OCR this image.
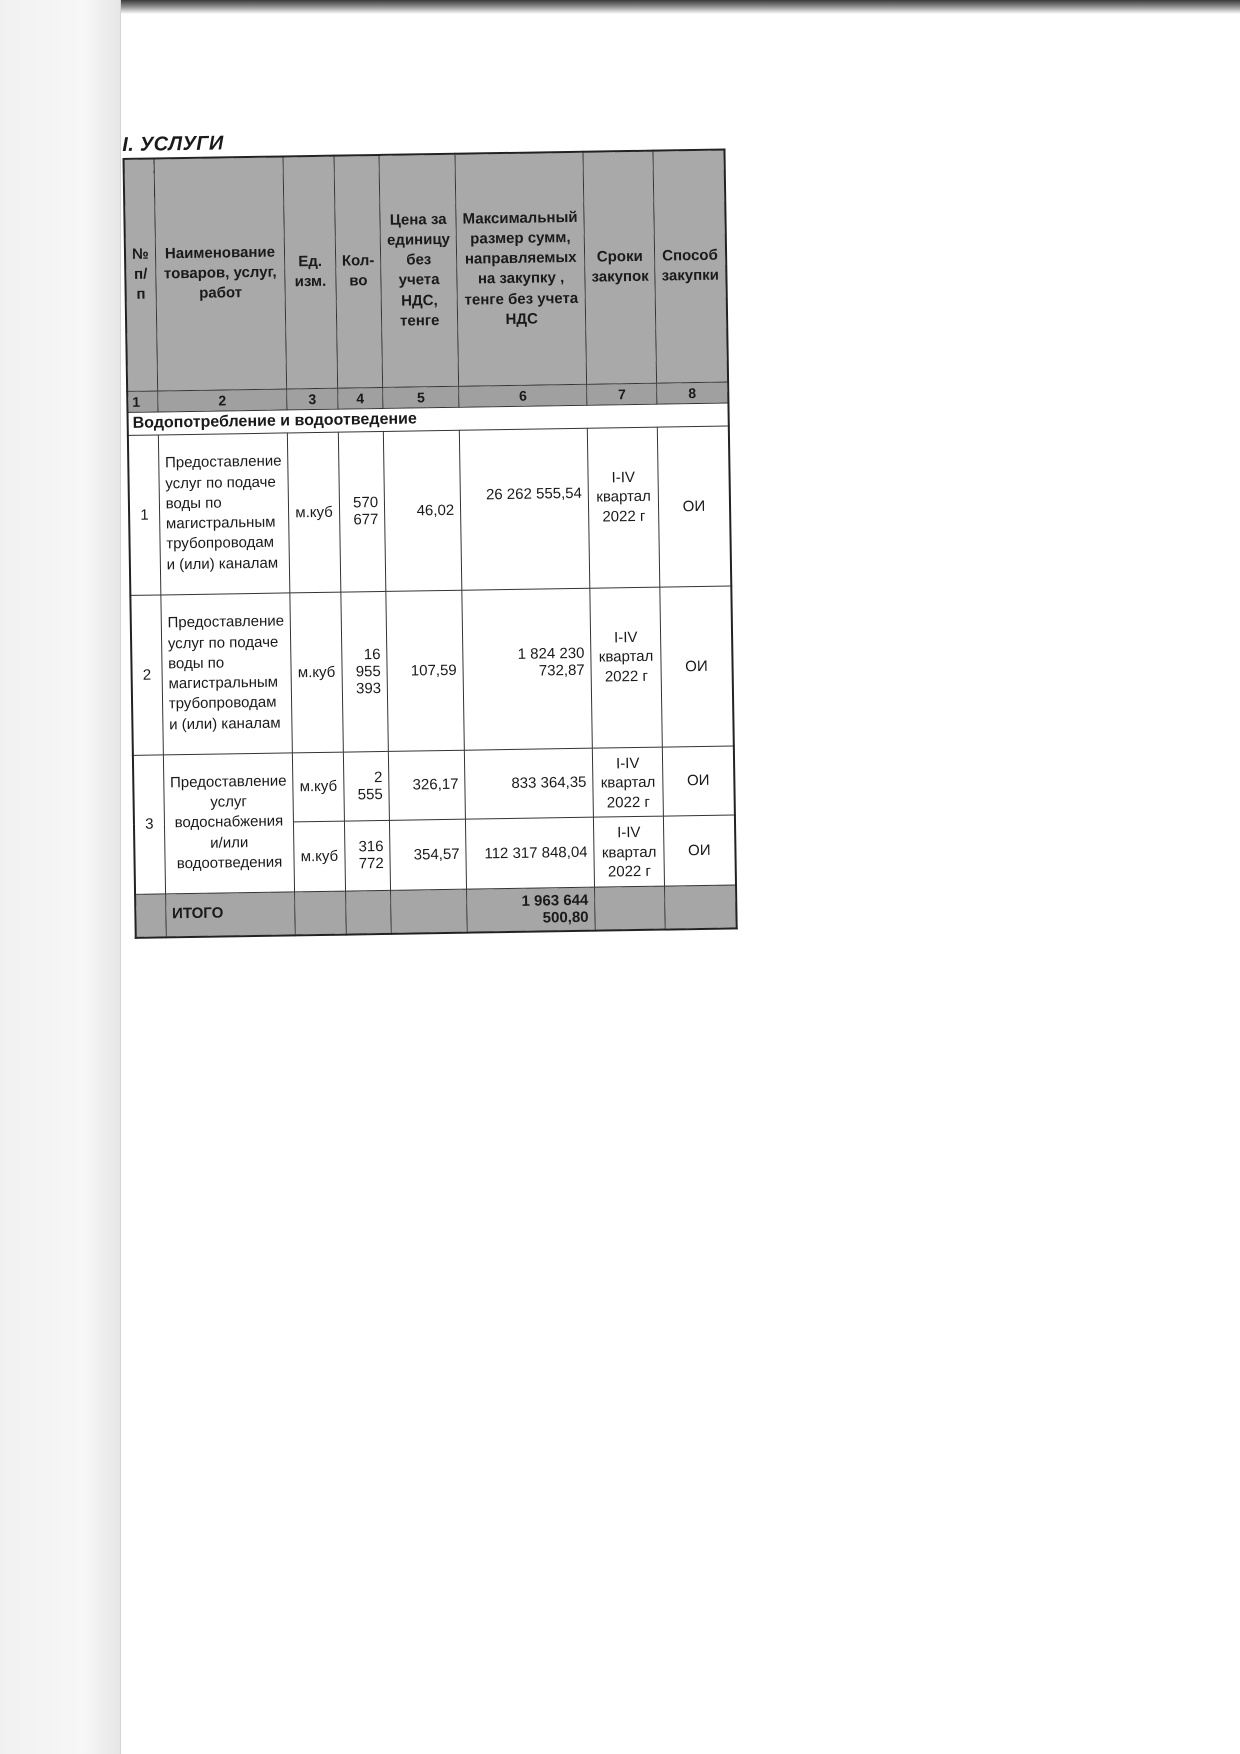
I. УСЛУГИ
№ п/п	Наименование товаров, услуг, работ	Ед. изм.	Кол-во	Цена за единицу без учета НДС, тенге	Максимальный размер сумм, направляемых на закупку , тенге без учета НДС	Сроки закупок	Способ закупки
1	2	3	4	5	6	7	8
Водопотребление и водоотведение							
1	Предоставление услуг по подаче воды по магистральным трубопроводам и (или) каналам	м.куб	570 677	46,02	26 262 555,54	I-IV квартал 2022 г	ОИ
2	Предоставление услуг по подаче воды по магистральным трубопроводам и (или) каналам	м.куб	16 955 393	107,59	1 824 230 732,87	I-IV квартал 2022 г	ОИ
3	Предоставление услуг водоснабжения и/или водоотведения	м.куб	2 555	326,17	833 364,35	I-IV квартал 2022 г	ОИ
		м.куб	316 772	354,57	112 317 848,04	I-IV квартал 2022 г	ОИ
	ИТОГО				1 963 644 500,80		
